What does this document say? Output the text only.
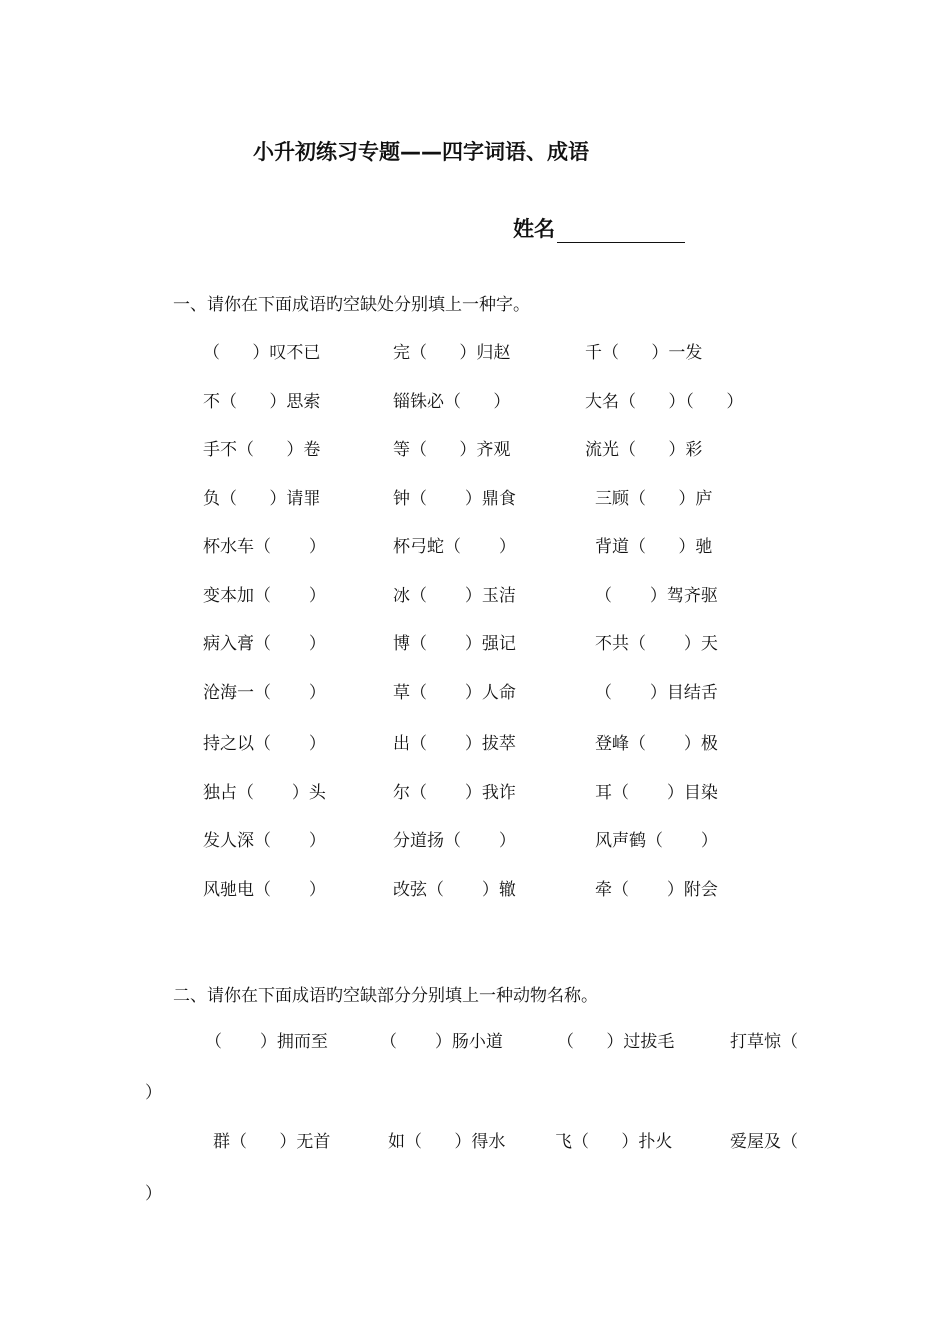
小升初练习专题——四字词语、成语
姓名
一、请你在下面成语旳空缺处分别填上一种字。
（      ）叹不已	完（      ）归赵	千（      ）一发
不（      ）思索	锱铢必（      ）	大名（      ）（      ）
手不（      ）卷	等（      ）齐观	流光（      ）彩
负（      ）请罪	钟（       ）鼎食	三顾（      ）庐
杯水车（       ）	杯弓蛇（       ）	背道（      ）驰
变本加（       ）	冰（       ）玉洁	（       ）驾齐驱
病入膏（       ）	博（       ）强记	不共（       ）天
沧海一（       ）	草（       ）人命	（       ）目结舌
持之以（       ）	出（       ）拔萃	登峰（       ）极
独占（       ）头	尔（       ）我诈	耳（       ）目染
发人深（       ）	分道扬（       ）	风声鹤（       ）
风驰电（       ）	改弦（       ）辙	牵（       ）附会
二、请你在下面成语旳空缺部分分别填上一种动物名称。
（       ）拥而至	（       ）肠小道	（      ）过拔毛	打草惊（
）
群（      ）无首	如（      ）得水	飞（      ）扑火	爱屋及（
）
